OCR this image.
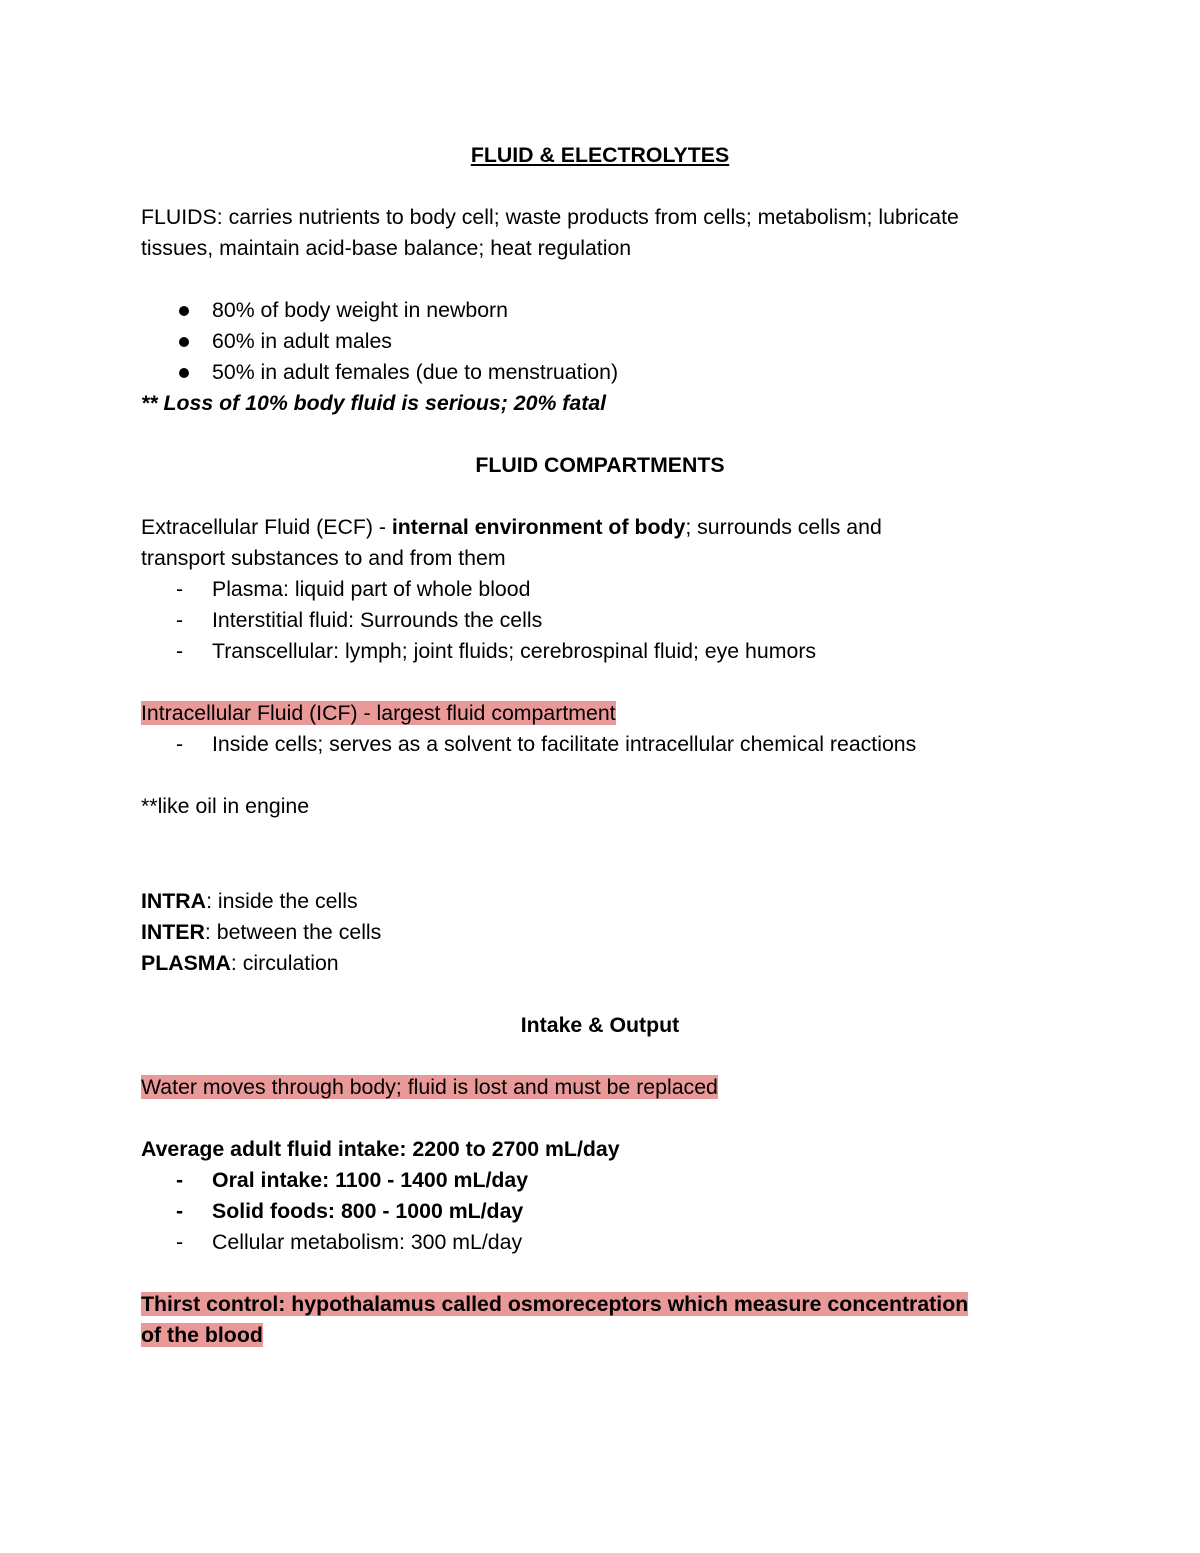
FLUID & ELECTROLYTES
FLUIDS: carries nutrients to body cell; waste products from cells; metabolism; lubricate
tissues, maintain acid-base balance; heat regulation
80% of body weight in newborn
60% in adult males
50% in adult females (due to menstruation)
** Loss of 10% body fluid is serious; 20% fatal
FLUID COMPARTMENTS
Extracellular Fluid (ECF) - internal environment of body; surrounds cells and
transport substances to and from them
- Plasma: liquid part of whole blood
- Interstitial fluid: Surrounds the cells
- Transcellular: lymph; joint fluids; cerebrospinal fluid; eye humors
Intracellular Fluid (ICF) - largest fluid compartment
- Inside cells; serves as a solvent to facilitate intracellular chemical reactions
**like oil in engine
INTRA: inside the cells
INTER: between the cells
PLASMA: circulation
Intake & Output
Water moves through body; fluid is lost and must be replaced
Average adult fluid intake: 2200 to 2700 mL/day
- Oral intake: 1100 - 1400 mL/day
- Solid foods: 800 - 1000 mL/day
- Cellular metabolism: 300 mL/day
Thirst control: hypothalamus called osmoreceptors which measure concentration
of the blood
